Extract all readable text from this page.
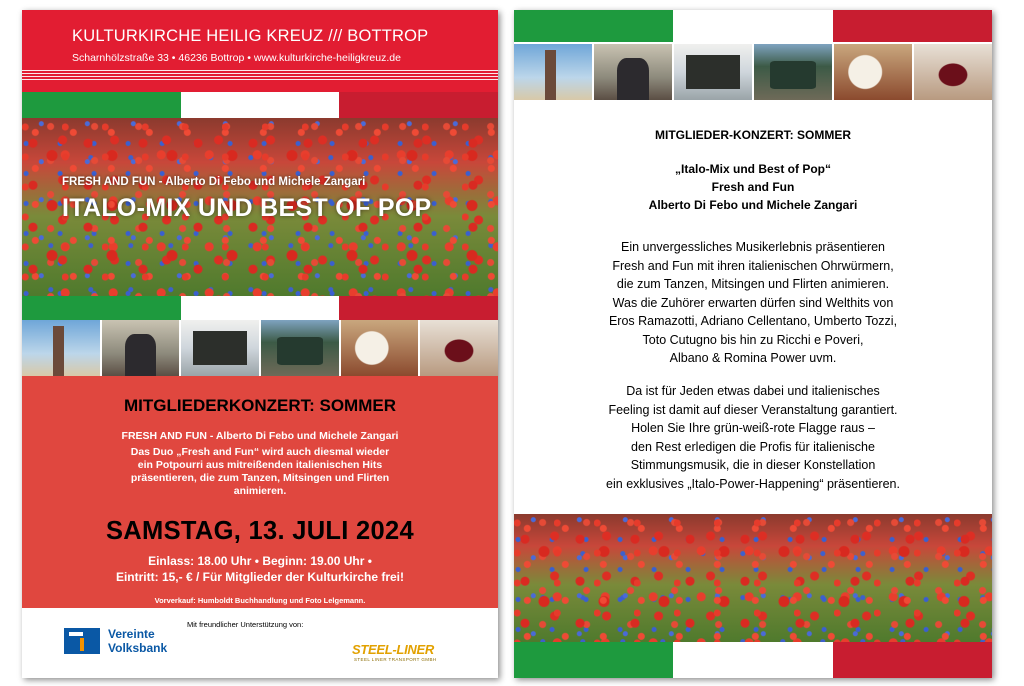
KULTURKIRCHE HEILIG KREUZ /// BOTTROP
Scharnhölzstraße 33 • 46236 Bottrop • www.kulturkirche-heiligkreuz.de
FRESH AND FUN - Alberto Di Febo und Michele Zangari
ITALO-MIX UND BEST OF POP
MITGLIEDERKONZERT: SOMMER
FRESH AND FUN - Alberto Di Febo und Michele Zangari
Das Duo „Fresh and Fun“ wird auch diesmal wieder
ein Potpourri aus mitreißenden italienischen Hits
präsentieren, die zum Tanzen, Mitsingen und Flirten
animieren.
SAMSTAG, 13. JULI 2024
Einlass: 18.00 Uhr • Beginn: 19.00 Uhr •
Eintritt: 15,- € / Für Mitglieder der Kulturkirche frei!
Vorverkauf: Humboldt Buchhandlung und Foto Lelgemann.
Vereinte
Volksbank
Mit freundlicher Unterstützung von:
STEEL-LINER
STEEL LINER TRANSPORT GMBH
MITGLIEDER-KONZERT: SOMMER
„Italo-Mix und Best of Pop“
Fresh and Fun
Alberto Di Febo und Michele Zangari
Ein unvergessliches Musikerlebnis präsentieren
Fresh and Fun mit ihren italienischen Ohrwürmern,
die zum Tanzen, Mitsingen und Flirten animieren.
Was die Zuhörer erwarten dürfen sind Welthits von
Eros Ramazotti, Adriano Cellentano, Umberto Tozzi,
Toto Cutugno bis hin zu Ricchi e Poveri,
Albano & Romina Power uvm.
Da ist für Jeden etwas dabei und italienisches
Feeling ist damit auf dieser Veranstaltung garantiert.
Holen Sie Ihre grün-weiß-rote Flagge raus –
den Rest erledigen die Profis für italienische
Stimmungsmusik, die in dieser Konstellation
ein exklusives „Italo-Power-Happening“ präsentieren.
